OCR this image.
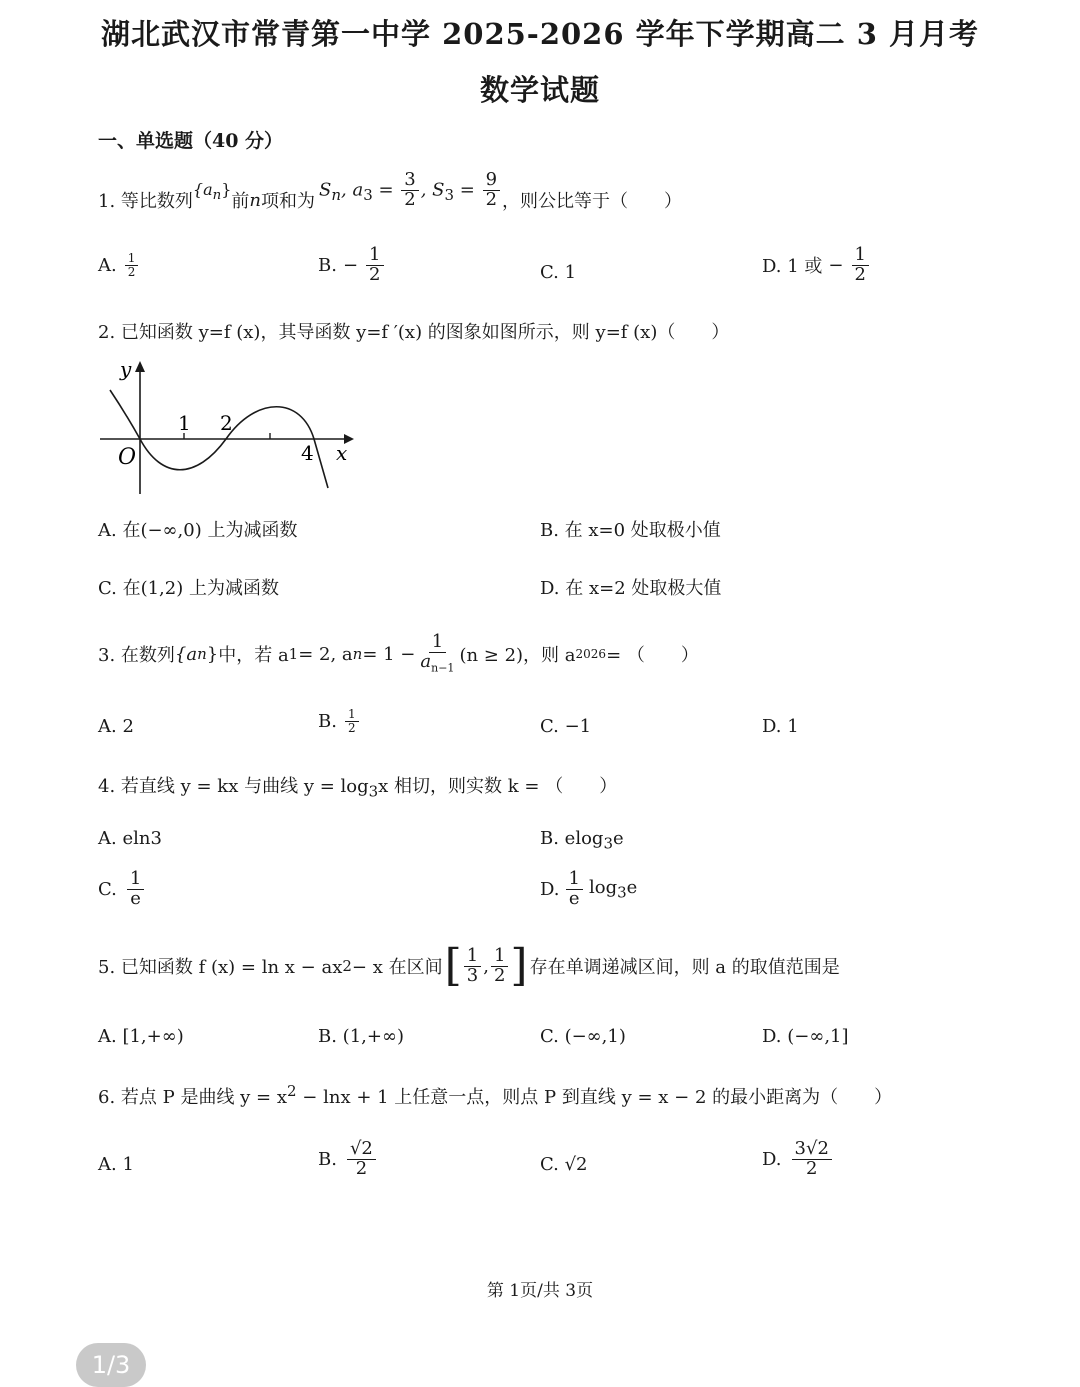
湖北武汉市常青第一中学 2025-2026 学年下学期高二 3 月月考
数学试题
一、单选题（40 分）
1. 等比数列
$\{a_n\}$
前 n 项和为
$S_n$, $a_3 = \frac{3}{2}$ , $S_3 = \frac{9}{2}$ ，则公比等于（　　）
A. $\frac{1}{2}$	B. − $\frac{1}{2}$	C. 1	D. 1 或 − $\frac{1}{2}$
2. 已知函数 y=f (x)，其导函数 y=f ′(x) 的图象如图所示，则 y=f (x)（　　）
y
x
O
1 2
4
A. 在(−∞,0) 上为减函数	B. 在 x=0 处取极小值
C. 在(1,2) 上为减函数	D. 在 x=2 处取极大值
3. 在数列 {a n } 中，若 a 1 = 2, a $n = 1 - \frac{1}{a_{n-1}} (n \ge 2)$，则 a 2026 = （　　）
A. 2	B. $\frac{1}{2}$	C. −1	D. 1
4. 若直线 y = kx 与曲线 $y = \log_3x$ 相切，则实数 k = （　　）
A. eln3	B. elog$_3$e
C. $\frac{1}{e}$	D. $\frac{1}{e} \log_3e$
5. 已知函数 f (x) = ln x − ax 2 − x 在区间 [ $\frac{1}{3}$ , $\frac{1}{2}$ ] 存在单调递减区间，则 a 的取值范围是
A. [1,+∞)	B. (1,+∞)	C. (−∞,1)	D. (−∞,1]
6. 若点 P 是曲线 $y = x^2 - \ln x + 1$ 上任意一点，则点 P 到直线 y = x − 2 的最小距离为（　　）
A. 1	B. $\frac{√2}{2}$	C. √2	D. $\frac{3√2}{2}$
第 1页/共 3页
1/3
